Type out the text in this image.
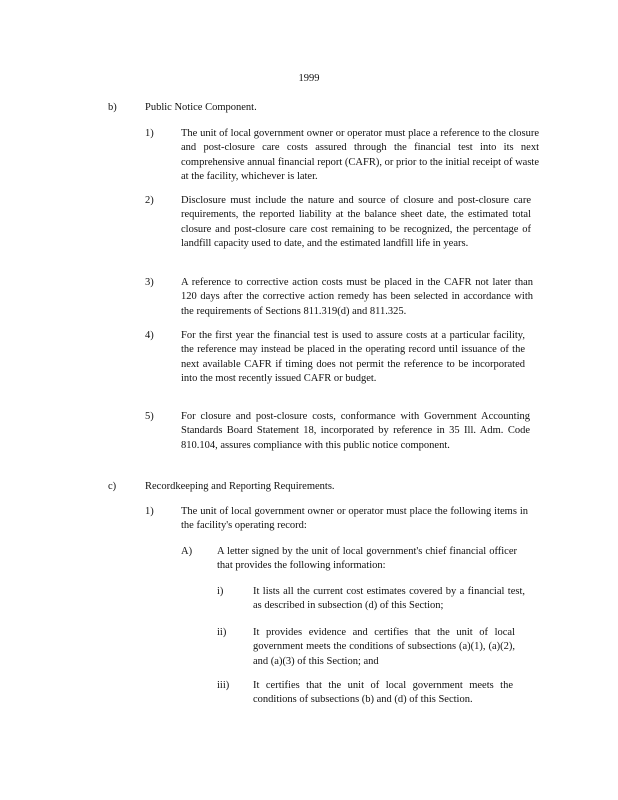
1999
b)	Public Notice Component.
1)	The unit of local government owner or operator must place a reference to the closure and post-closure care costs assured through the financial test into its next comprehensive annual financial report (CAFR), or prior to the initial receipt of waste at the facility, whichever is later.
2)	Disclosure must include the nature and source of closure and post-closure care requirements, the reported liability at the balance sheet date, the estimated total closure and post-closure care cost remaining to be recognized, the percentage of landfill capacity used to date, and the estimated landfill life in years.
3)	A reference to corrective action costs must be placed in the CAFR not later than 120 days after the corrective action remedy has been selected in accordance with the requirements of Sections 811.319(d) and 811.325.
4)	For the first year the financial test is used to assure costs at a particular facility, the reference may instead be placed in the operating record until issuance of the next available CAFR if timing does not permit the reference to be incorporated into the most recently issued CAFR or budget.
5)	For closure and post-closure costs, conformance with Government Accounting Standards Board Statement 18, incorporated by reference in 35 Ill. Adm. Code 810.104, assures compliance with this public notice component.
c)	Recordkeeping and Reporting Requirements.
1)	The unit of local government owner or operator must place the following items in the facility's operating record:
A) A letter signed by the unit of local government's chief financial officer that provides the following information:
i)	It lists all the current cost estimates covered by a financial test, as described in subsection (d) of this Section;
ii)	It provides evidence and certifies that the unit of local government meets the conditions of subsections (a)(1), (a)(2), and (a)(3) of this Section; and
iii) It certifies that the unit of local government meets the conditions of subsections (b) and (d) of this Section.
